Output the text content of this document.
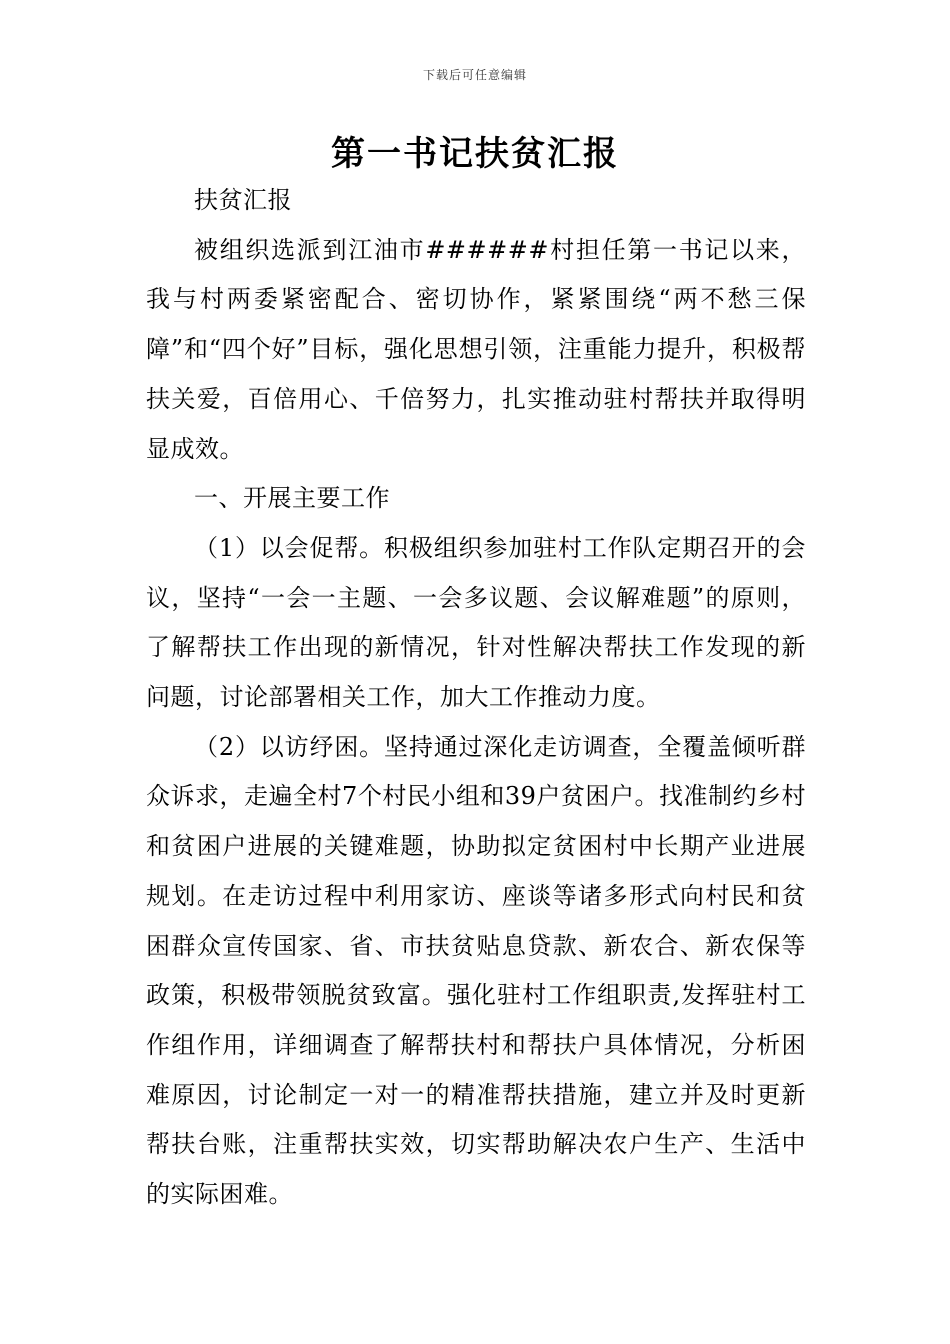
下载后可任意编辑
第一书记扶贫汇报

扶贫汇报

被组织选派到江油市######村担任第一书记以来，我与村两委紧密配合、密切协作，紧紧围绕“两不愁三保障”和“四个好”目标，强化思想引领，注重能力提升，积极帮扶关爱，百倍用心、千倍努力，扎实推动驻村帮扶并取得明显成效。

一、开展主要工作

（1）以会促帮。积极组织参加驻村工作队定期召开的会议，坚持“一会一主题、一会多议题、会议解难题”的原则，了解帮扶工作出现的新情况，针对性解决帮扶工作发现的新问题，讨论部署相关工作，加大工作推动力度。

（2）以访纾困。坚持通过深化走访调查，全覆盖倾听群众诉求，走遍全村7个村民小组和39户贫困户。找准制约乡村和贫困户进展的关键难题，协助拟定贫困村中长期产业进展规划。在走访过程中利用家访、座谈等诸多形式向村民和贫困群众宣传国家、省、市扶贫贴息贷款、新农合、新农保等政策，积极带领脱贫致富。强化驻村工作组职责,发挥驻村工作组作用，详细调查了解帮扶村和帮扶户具体情况，分析困难原因，讨论制定一对一的精准帮扶措施，建立并及时更新帮扶台账，注重帮扶实效，切实帮助解决农户生产、生活中的实际困难。
